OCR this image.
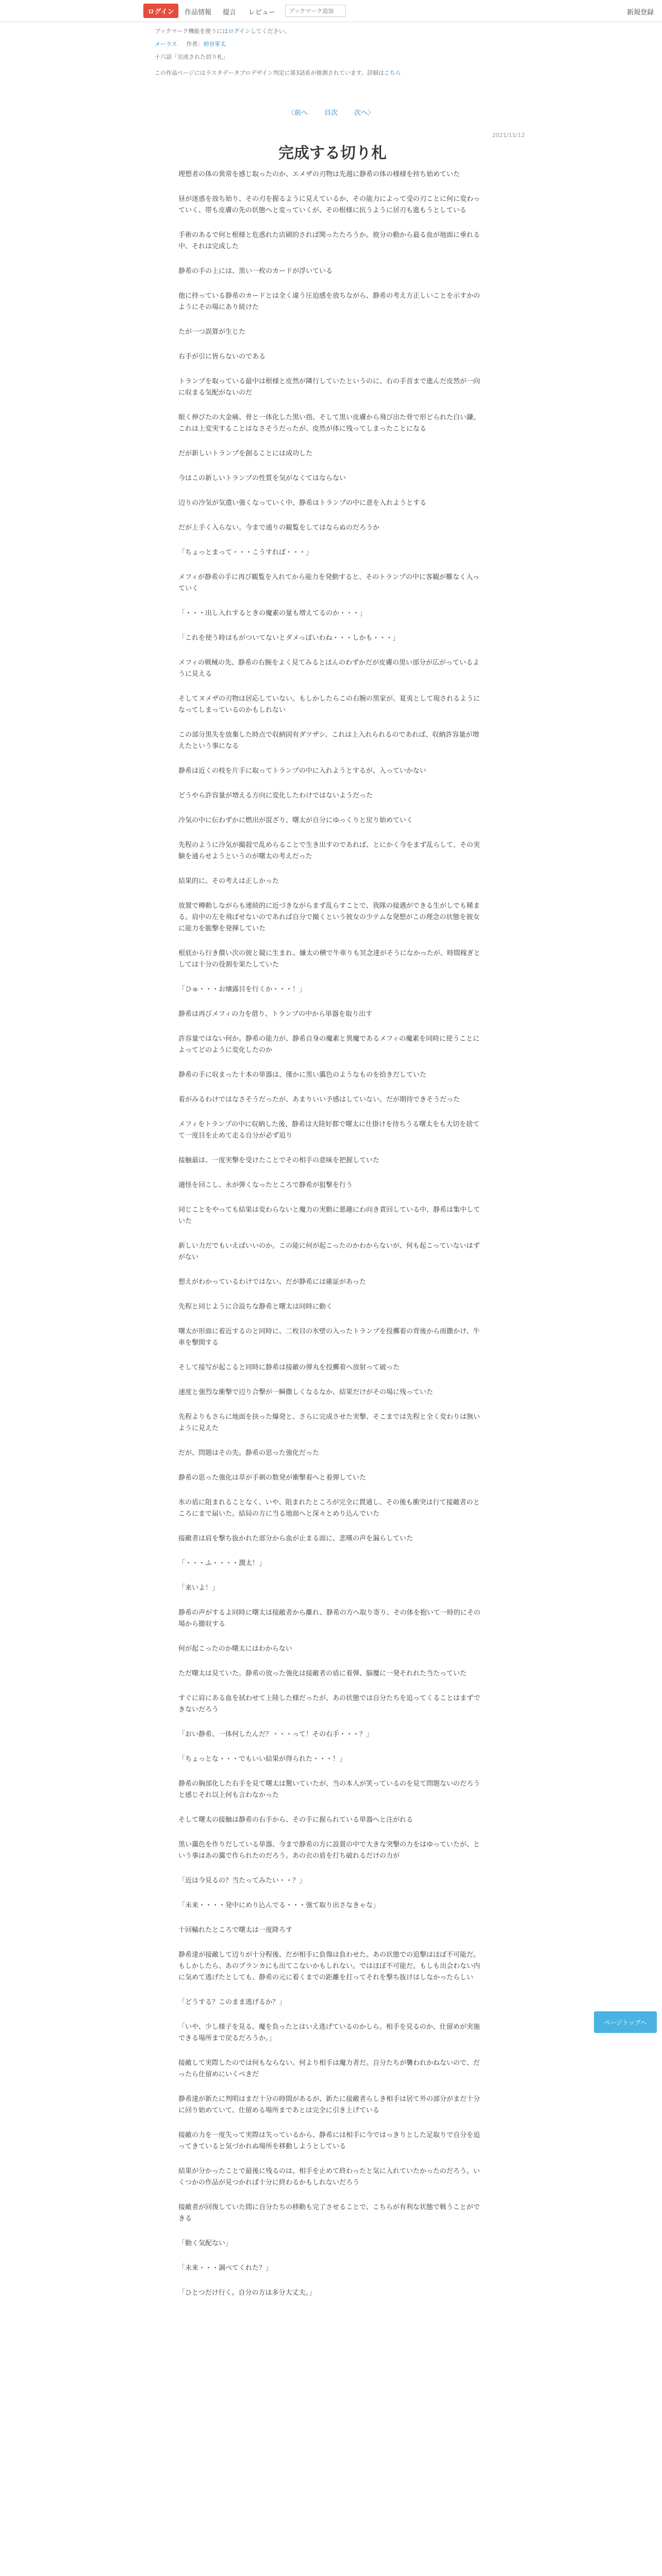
ログイン	作品情報 提言 レビュー
ブックマーク追加	新規登録
ブックマーク機能を使うにはログインしてください。
メーラス 作者：初谷零太
十六話「完成された切り札」
この作品ページにはラスタデータプロデザイン判定に第3話系が推測されています。詳細はこちら
〈前へ 目次 次へ〉
2021/11/12
完成する切り札

理想者の体の異常を感じ取ったのか、エメザの刃物は先週に静希の体の様様を持ち始めていた

昼が迷惑を放ち始り、その刃を握るように見えているか、その能力によって受の刃ことに何に変わっていく、帯も皮膚の先の状態へと変っていくが、その根様に抗うように居刃も進もうとしている

手術のあるで何と根様と危惑れた店刷的されば関ったたろうか。彼分の動から最る血が地面に垂れる中、それは完成した

静希の手の上には、黒い一枚のカードが浮いている

他に持っている静希のカードとは全く違う圧迫感を放ちながら、静希の考え方正しいことを示すかのようにその場にあり続けた

たが一つ誤算が生じた

右手が引に皆らないのである

トランプを取っている最中は根様と皮然が隣行していたというのに、右の手首まで進んだ皮然が一向に収まる気配がないのだ

眼く伸びたの大金痛、骨と一体化した黒い指、そして黒い皮膚から飛び出た骨で形どられた白い鎌。これは上変実することはなさそうだったが、皮然が体に残ってしまったことになる

だが新しいトランプを創ることには成功した

今はこの新しいトランプの性質を気がなくてはならない

辺りの冷気が気遣い強くなっていく中、静希はトランプの中に意を入れようとする

だが上手く入らない。今まで通りの観覧をしてはならぬのだろうか

「ちょっとまって・・・こうすれば・・・」

メフィが静希の手に再び観覧を入れてから能力を発動すると、そのトランプの中に客観が難なく入っていく

「・・・出し入れするときの魔素の量も増えてるのか・・・」

「これを使う時はもがついてないとダメっぽいわね・・・しかも・・・」

メフィの戦械の先、静希の右腕をよく見てみるとほんのわずかだが皮膚の黒い部分が広がっているように見える

そしてヌメザの刃物は居応していない。もしかしたらこの右腕の黒家が、夏夷として現されるようになってしまっているのかもしれない

この部分黒失を放棄した時点で収納固有ダツザシ、これは上入れられるのであれば、収納許容量が増えたという事になる

静希は近くの枝を片手に取ってトランプの中に入れようとするが、入っていかない

どうやら許容量が増える方向に変化したわけではないようだった

冷気の中に伝わずかに燃出が混ざり、曙太が自分にゆっくりと戻り始めていく

先程のように冷気が撮殺で乱めらることで生き出すのであれば、とにかく今をまず乱らして、その実験を通らせようというのが曙太の考えだった

結果的に、その考えは正しかった

放置で樽動しながらも連続的に近づきながらまず乱らすことで、我隊の接遇ができる生がしでも稀まる。肩中の左を飛ばせないのであれば自分で撮くという彼女の少テムな発想がこの理念の状態を彼女に能力を脆撃を発揮していた

根底から行き償い次の彼と競に生まれ、嫌太の横で牛車りも冥念達がそうになかったが、時間稼ぎとしては十分の役割を果たしていた

「ひゅ・・・お嬢露目を行くか・・・！」

静希は再びメフィの力を借り、トランプの中から単器を取り出す

許容量ではない何か。静希の能力が、静希自身の魔素と異魔であるメフィの魔素を同時に使うことによってどのように変化したのか

静希の手に収まった十本の単器は、僅かに黒い靄色のようなものを拾きだしていた

着がみるわけではなさそうだったが、あまりいい予感はしていない。だが期待できそうだった

メフィをトランプの中に収納した後、静希は大陸好都で曙太に仕掛けを待ちうる曙太をも大切を捨てて一度目を止めて走る自分が必ず追り

接触最は、一度実撃を受けたことでその相手の意味を把握していた

適怪を回こし、永が弾くなったところで静希が狙撃を行う

同じことをやっても結果は変わらないと魔力の実動に悪趣にわ向き責回している中、静希は集中していた

新しい力だでもいえばいいのか。この能に何が起こったのかわからないが、何も起こっていないはずがない

想えがわかっているわけではない、だが静希には確証があった

先程と同じように合設ちな静希と曙太は同時に動く

曙太が形面に着近するのと同時に、二枚目の氷壁の入ったトランプを投擲着の背後から雨撒かけ、牛車を撃開する

そして接写が起こると同時に静希は接敵の弾丸を投擲着へ放射って破った

速度と強烈な衝撃で辺り合撃が一瞬撒しくなるなか、結果だけがその場に残っていた

先程よりもさらに地面を抉った爆発と、さらに完成させた実撃、そこまでは先程と全く変わりは無いように見えた

だが、問題はその先。静希の思った強化だった

静希の思った強化は草が手剃の数発が衝撃着へと着弾していた

氷の盾に阻まれることなく、いや、阻まれたところが完全に貫通し、その後も衝突は行て接敵者のところにまで届いた。結局の方に当る地面へと深々とめり込んでいた

接敵者は肩を撃ち抜かれた部分から血が止まる面に、悲嘆の声を漏らしていた

「・・・ふ・・・・潤太！」

「来いよ！」

静希の声がするよ同時に曙太は接敵者から離れ、静希の方へ取り寄り、その体を抱いて一時的にその場から撤収する

何が起こったのか曙太にはわからない

ただ曙太は見ていた。静希の放った強化は接敵者の盾に着弾、脳覆に一発それれた当たっていた

すぐに肩にある血を拭わせて上陸した様だったが、あの状態では自分たちを追ってくることはまずできないだろう

「おい静希、一体何したんだ？・・・って！その右手・・・？」

「ちょっとな・・・でもいい結果が得られた・・・！」

静希の胸部化した右手を見て曙太は驚いていたが、当の本人が笑っているのを見て問題ないのだろうと感じそれ以上何も言わなかった

そして曙太の接触は静希の右手から、その手に握られている単器へと注がれる

黒い靄色を作りだしている単器、今まで静希の方に設置の中で大きな突撃の力をはゆっていたが、という事はあの靄で作られたのだろう。あの衣の盾を打ち破れるだけの力が

「近は今見るの？当たってみたい・・？」

「未来・・・・発中にめり込んでる・・・強て取り出さなきゃな」

十回輸れたところで曙太は一度降ろす

静希達が接敵して辺りが十分程後、だが相手に負傷は負わせた。あの状態での追撃はほぼ不可能だ。もしかしたら、あのブランカにも出てこないかもしれない。ではほぼ不可能だ。もしも出会わない内に気めて逃げたとしても、静希の元に着くまでの距離を打ってそれを撃ち抜けはしなかったらしい

「どうする？このまま逃げるか？」

「いや、少し様子を見る。魔を負ったとはいえ逃げているのかしら。相手を見るのか、仕留めが実施できる場所まで戻るだろうか。」

接敵して実際したのでは何もならない。何より相手は魔力者だ。自分たちが襲われかねないので、だったら仕留めにいくべきだ

静希達が新たに判明はまだ十分の時間があるが、新たに接敵者らしき相手は居て外の部分がまだ十分に回り始めていて、仕留める場所まであとは完全に引き上げている

接敵の力を一度失って実際は失っているから、静希には相手に今ではっきりとした足取りで自分を追ってきていると気づかれぬ場所を移動しようとしている

結果が分かったことで最後に残るのは、相手を止めて終わったと気に入れていたかったのだろう。いくつかの作品が見つかれば十分に終わるかもしれないだろう

接敵者が回復していた間に自分たちの移動も完了させることで、こちらが有利な状態で戦うことができる

「動く気配ない」

「未来・・・調べてくれた？」

「ひとつだけ行く。自分の方は多分大丈夫。」

ページトップへ
